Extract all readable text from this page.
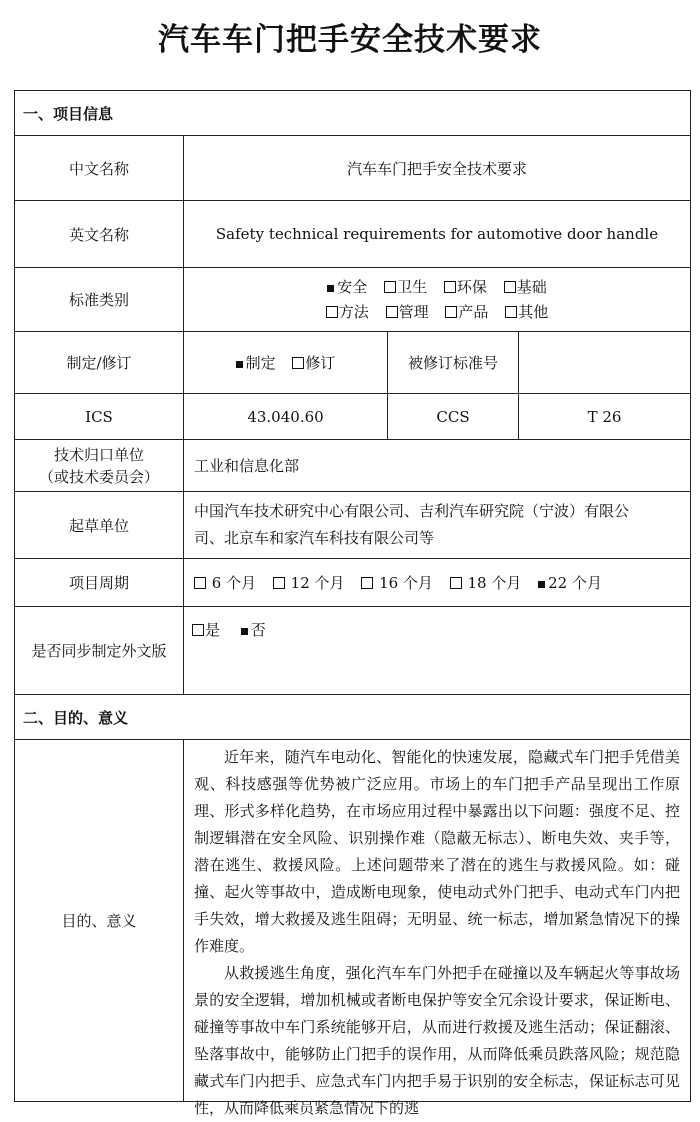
汽车车门把手安全技术要求
一、项目信息			
中文名称	汽车车门把手安全技术要求		
英文名称	Safety technical requirements for automotive door handle		
标准类别	安全 卫生 环保 基础
方法 管理 产品 其他		

制定/修订	制定 修订	被修订标准号	
ICS	43.040.60	CCS	T 26

技术归口单位
（或技术委员会）	工业和信息化部		
起草单位	中国汽车技术研究中心有限公司、吉利汽车研究院（宁波）有限公
司、北京车和家汽车科技有限公司等		

项目周期	6 个月 12 个月 16 个月 18 个月 22 个月		
是否同步制定外文版	是 否		
二、目的、意义			
目的、意义	近年来，随汽车电动化、智能化的快速发展，隐藏式车门把手凭借美观、科技感强等优势被广泛应用。市场上的车门把手产品呈现出工作原理、形式多样化趋势，在市场应用过程中暴露出以下问题：强度不足、控制逻辑潜在安全风险、识别操作难（隐蔽无标志）、断电失效、夹手等，潜在逃生、救援风险。上述问题带来了潜在的逃生与救援风险。如：碰撞、起火等事故中，造成断电现象，使电动式外门把手、电动式车门内把手失效，增大救援及逃生阻碍；无明显、统一标志，增加紧急情况下的操作难度。

从救援逃生角度，强化汽车车门外把手在碰撞以及车辆起火等事故场景的安全逻辑，增加机械或者断电保护等安全冗余设计要求，保证断电、碰撞等事故中车门系统能够开启，从而进行救援及逃生活动；保证翻滚、坠落事故中，能够防止门把手的误作用，从而降低乘员跌落风险；规范隐藏式车门内把手、应急式车门内把手易于识别的安全标志，保证标志可见性，从而降低乘员紧急情况下的逃		
